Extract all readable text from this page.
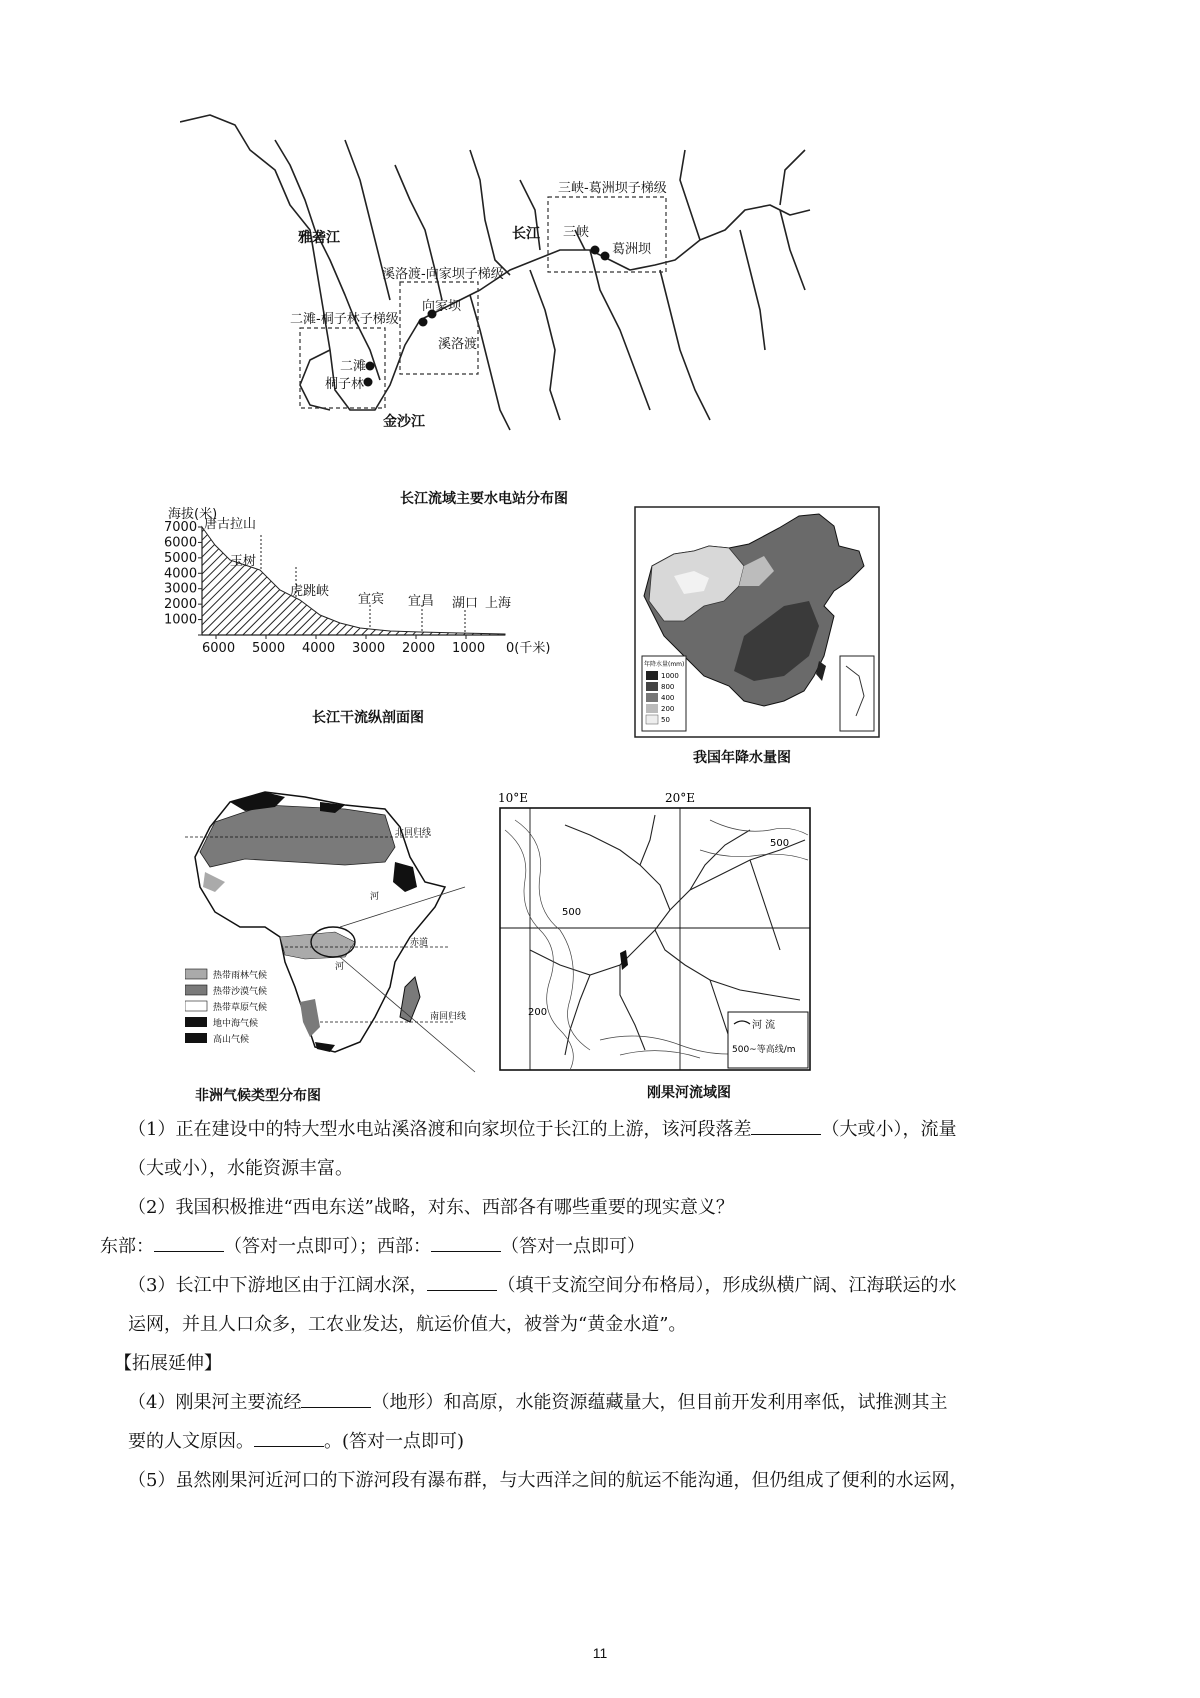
雅砻江
金沙江
长江
三峡-葛洲坝子梯级
三峡
葛洲坝
溪洛渡-向家坝子梯级
向家坝
溪洛渡
二滩-桐子林子梯级
二滩
桐子林
长江流域主要水电站分布图
海拔(米)
7000
6000
5000
4000
3000
2000
1000
6000 5000 4000 3000 2000 1000
唐古拉山
玉树
虎跳峡
宜宾 宜昌 湖口 上海
0(千米)
长江干流纵剖面图
年降水量(mm)
1000
800
400
200
50
我国年降水量图
北回归线
赤道
南回归线
河
河
热带雨林气候
热带沙漠气候
热带草原气候
地中海气候
高山气候
非洲气候类型分布图
河 流
500~等高线/m
10°E	20°E
500
500
200
刚果河流域图
（1）正在建设中的特大型水电站溪洛渡和向家坝位于长江的上游，该河段落差	（大或小），流量
（大或小），水能资源丰富。
（2）我国积极推进“西电东送”战略，对东、西部各有哪些重要的现实意义？
东部：	（答对一点即可）；西部：	（答对一点即可）
（3）长江中下游地区由于江阔水深，	（填干支流空间分布格局），形成纵横广阔、江海联运的水
运网，并且人口众多，工农业发达，航运价值大，被誉为“黄金水道”。
【拓展延伸】
（4）刚果河主要流经	（地形）和高原，水能资源蕴藏量大，但目前开发利用率低，试推测其主
要的人文原因。	。(答对一点即可)
（5）虽然刚果河近河口的下游河段有瀑布群，与大西洋之间的航运不能沟通，但仍组成了便利的水运网，
11
